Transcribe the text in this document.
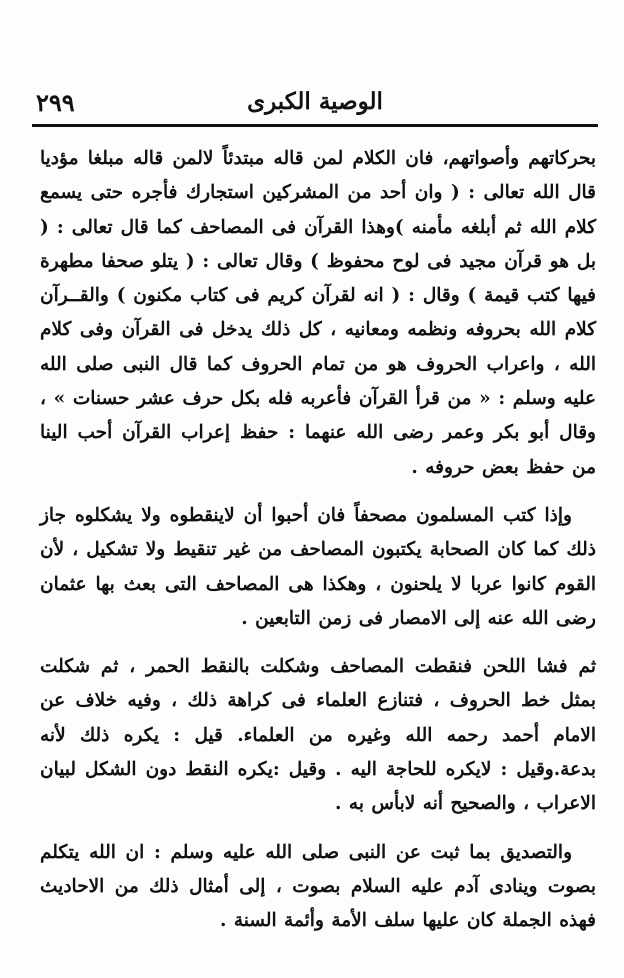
٢٩٩	الوصية الكبرى

بحركاتهم وأصواتهم، فان الكلام لمن قاله مبتدئاً لالمن قاله مبلغا مؤديا قال الله تعالى : ( وان أحد من المشركين استجارك فأجره حتى يسمع كلام الله ثم أبلغه مأمنه )وهذا القرآن فى المصاحف كما قال تعالى : ( بل هو قرآن مجيد فى لوح محفوظ ) وقال تعالى : ( يتلو صحفا مطهرة فيها كتب قيمة ) وقال : ( انه لقرآن كريم فى كتاب مكنون ) والقــرآن كلام الله بحروفه ونظمه ومعانيه ، كل ذلك يدخل فى القرآن وفى كلام الله ، واعراب الحروف هو من تمام الحروف كما قال النبى صلى الله عليه وسلم : « من قرأ القرآن فأعربه فله بكل حرف عشر حسنات » ، وقال أبو بكر وعمر رضى الله عنهما : حفظ إعراب القرآن أحب الينا من حفظ بعض حروفه .

وإذا كتب المسلمون مصحفاً فان أحبوا أن لاينقطوه ولا يشكلوه جاز ذلك كما كان الصحابة يكتبون المصاحف من غير تنقيط ولا تشكيل ، لأن القوم كانوا عربا لا يلحنون ، وهكذا هى المصاحف التى بعث بها عثمان رضى الله عنه إلى الامصار فى زمن التابعين .

ثم فشا اللحن فنقطت المصاحف وشكلت بالنقط الحمر ، ثم شكلت بمثل خط الحروف ، فتنازع العلماء فى كراهة ذلك ، وفيه خلاف عن الامام أحمد رحمه الله وغيره من العلماء. قيل : يكره ذلك لأنه بدعة.وقيل : لايكره للحاجة اليه . وقيل :يكره النقط دون الشكل لبيان الاعراب ، والصحيح أنه لابأس به .

والتصديق بما ثبت عن النبى صلى الله عليه وسلم : ان الله يتكلم بصوت وينادى آدم عليه السلام بصوت ، إلى أمثال ذلك من الاحاديث فهذه الجملة كان عليها سلف الأمة وأئمة السنة .
